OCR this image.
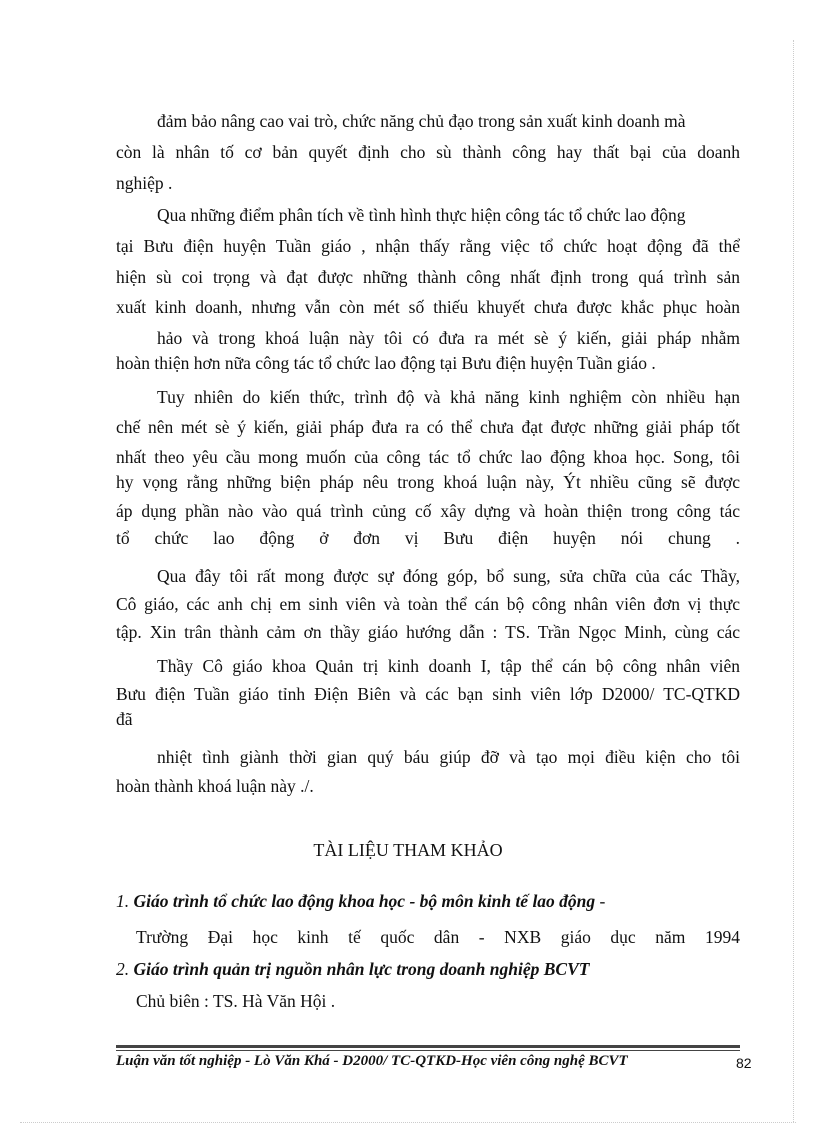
đảm bảo nâng cao vai trò, chức năng chủ đạo trong sản xuất kinh doanh mà
còn là nhân tố cơ bản quyết định cho sù thành công hay thất bại của doanh
nghiệp .
Qua những điểm phân tích về tình hình thực hiện công tác tổ chức lao động
tại Bưu điện huyện Tuần giáo , nhận thấy rằng việc tổ chức hoạt động đã thể
hiện sù coi trọng và đạt được những thành công nhất định trong quá trình sản
xuất kinh doanh, nhưng vẫn còn mét số thiếu khuyết chưa được khắc phục hoàn
hảo và trong khoá luận này tôi có đưa ra mét sè ý kiến, giải pháp nhằm
hoàn thiện hơn nữa công tác tổ chức lao động tại Bưu điện huyện Tuần giáo .
Tuy nhiên do kiến thức, trình độ và khả năng kinh nghiệm còn nhiều hạn
chế nên mét sè ý kiến, giải pháp đưa ra có thể chưa đạt được những giải pháp tốt
nhất theo yêu cầu mong muốn của công tác tổ chức lao động khoa học. Song, tôi
hy vọng rằng những biện pháp nêu trong khoá luận này, Ýt nhiều cũng sẽ được
áp dụng phần nào vào quá trình củng cố xây dựng và hoàn thiện trong công tác
tổ chức lao động ở đơn vị Bưu điện huyện nói chung .
Qua đây tôi rất mong được sự đóng góp, bổ sung, sửa chữa của các Thầy,
Cô giáo, các anh chị em sinh viên và toàn thể cán bộ công nhân viên đơn vị thực
tập. Xin trân thành cảm ơn thầy giáo hướng dẫn : TS. Trần Ngọc Minh, cùng các
Thầy Cô giáo khoa Quản trị kinh doanh I, tập thể cán bộ công nhân viên
Bưu điện Tuần giáo tỉnh Điện Biên và các bạn sinh viên lớp D2000/ TC-QTKD
đã
nhiệt tình giành thời gian quý báu giúp đỡ và tạo mọi điều kiện cho tôi
hoàn thành khoá luận này ./.
TÀI LIỆU THAM KHẢO
1. Giáo trình tổ chức lao động khoa học - bộ môn kinh tế lao động -
Trường Đại học kinh tế quốc dân - NXB giáo dục năm 1994
2. Giáo trình quản trị nguồn nhân lực trong doanh nghiệp BCVT
Chủ biên : TS. Hà Văn Hội .
Luận văn tốt nghiệp - Lò Văn Khá - D2000/ TC-QTKD-Học viên công nghệ BCVT	82
